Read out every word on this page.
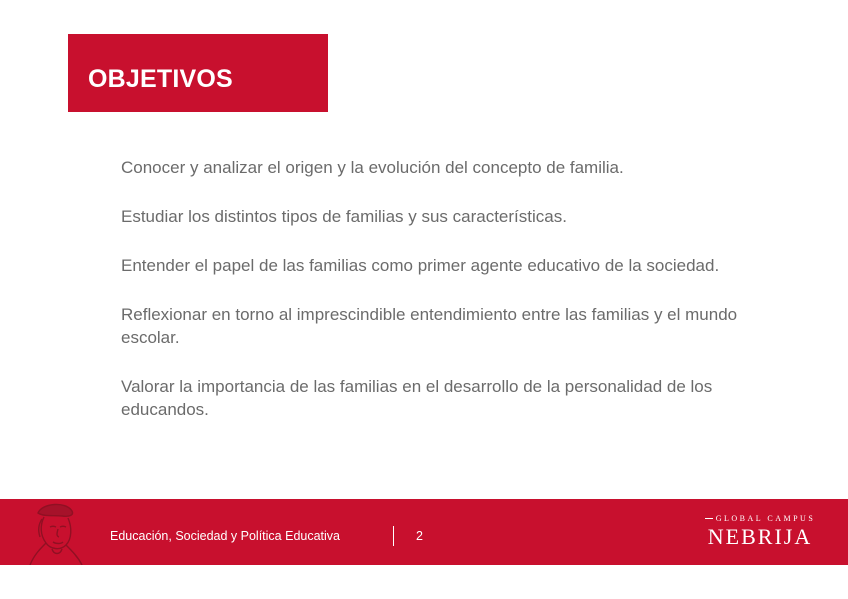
OBJETIVOS
Conocer y analizar el origen y la evolución del concepto de familia.
Estudiar los distintos tipos de familias y sus características.
Entender el papel de las familias como primer agente educativo de la sociedad.
Reflexionar en torno al imprescindible entendimiento entre las familias y el mundo escolar.
Valorar la importancia de las familias en el desarrollo de la personalidad de los educandos.
Educación, Sociedad y Política Educativa	2
GLOBAL CAMPUS
NEBRIJA
